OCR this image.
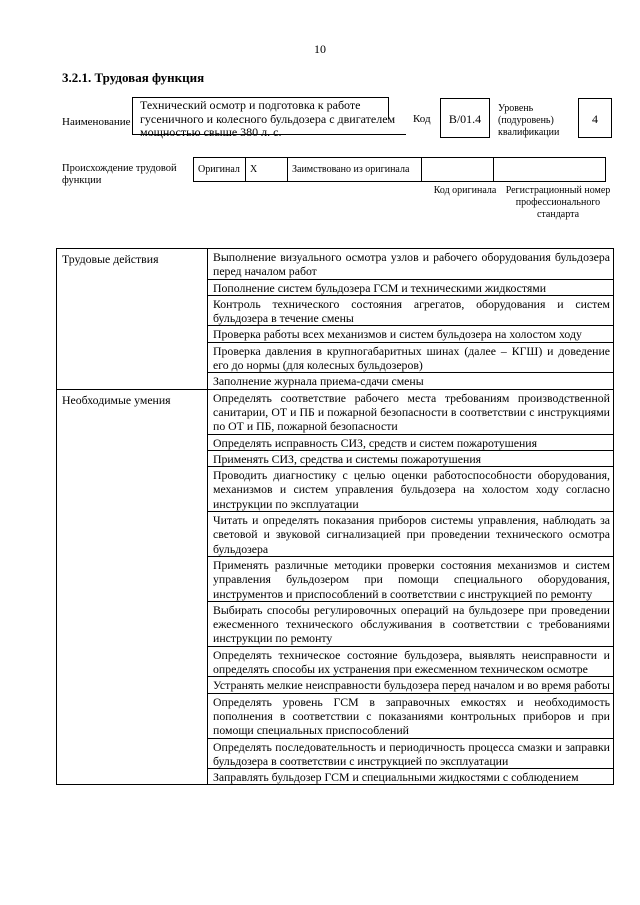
10
3.2.1. Трудовая функция
Наименование
Технический осмотр и подготовка к работе гусеничного и колесного бульдозера с двигателем мощностью свыше 380 л. с.
Код	B/01.4
Уровень (подуровень) квалификации
4
Происхождение трудовой функции
Оригинал	X	Заимствовано из оригинала		
Код оригинала Регистрационный номер профессионального стандарта
Трудовые действия	Выполнение визуального осмотра узлов и рабочего оборудования бульдозера перед началом работ
	Пополнение систем бульдозера ГСМ и техническими жидкостями
	Контроль технического состояния агрегатов, оборудования и систем бульдозера в течение смены
	Проверка работы всех механизмов и систем бульдозера на холостом ходу
	Проверка давления в крупногабаритных шинах (далее – КГШ) и доведение его до нормы (для колесных бульдозеров)
	Заполнение журнала приема-сдачи смены
Необходимые умения	Определять соответствие рабочего места требованиям производственной санитарии, ОТ и ПБ и пожарной безопасности в соответствии с инструкциями по ОТ и ПБ, пожарной безопасности
	Определять исправность СИЗ, средств и систем пожаротушения
	Применять СИЗ, средства и системы пожаротушения
	Проводить диагностику с целью оценки работоспособности оборудования, механизмов и систем управления бульдозера на холостом ходу согласно инструкции по эксплуатации
	Читать и определять показания приборов системы управления, наблюдать за световой и звуковой сигнализацией при проведении технического осмотра бульдозера
	Применять различные методики проверки состояния механизмов и систем управления бульдозером при помощи специального оборудования, инструментов и приспособлений в соответствии с инструкцией по ремонту
	Выбирать способы регулировочных операций на бульдозере при проведении ежесменного технического обслуживания в соответствии с требованиями инструкции по ремонту
	Определять техническое состояние бульдозера, выявлять неисправности и определять способы их устранения при ежесменном техническом осмотре
	Устранять мелкие неисправности бульдозера перед началом и во время работы
	Определять уровень ГСМ в заправочных емкостях и необходимость пополнения в соответствии с показаниями контрольных приборов и при помощи специальных приспособлений
	Определять последовательность и периодичность процесса смазки и заправки бульдозера в соответствии с инструкцией по эксплуатации
	Заправлять бульдозер ГСМ и специальными жидкостями с соблюдением
